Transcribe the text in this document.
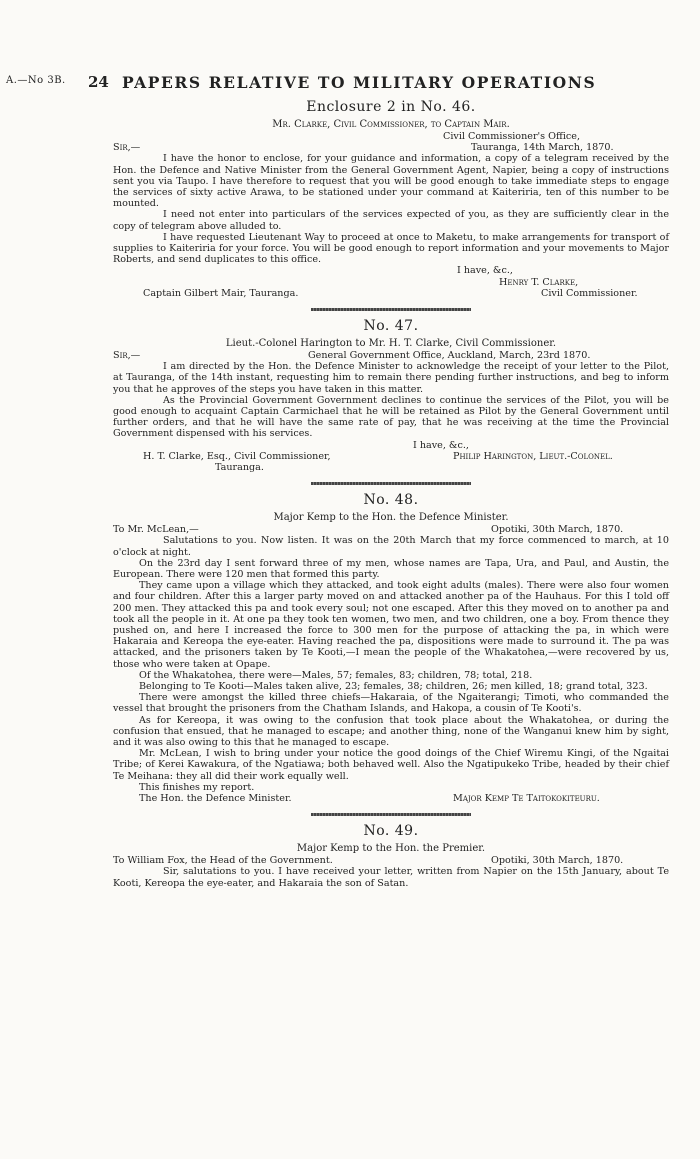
A.—No 3B. 24 PAPERS RELATIVE TO MILITARY OPERATIONS
Enclosure 2 in No. 46.
Mr. Clarke, Civil Commissioner, to Captain Mair.
Civil Commissioner's Office,
Sir,—	Tauranga, 14th March, 1870.

I have the honor to enclose, for your guidance and information, a copy of a telegram received by the Hon. the Defence and Native Minister from the General Government Agent, Napier, being a copy of instructions sent you via Taupo. I have therefore to request that you will be good enough to take immediate steps to engage the services of sixty active Arawa, to be stationed under your command at Kaiteriria, ten of this number to be mounted.

I need not enter into particulars of the services expected of you, as they are sufficiently clear in the copy of telegram above alluded to.

I have requested Lieutenant Way to proceed at once to Maketu, to make arrangements for transport of supplies to Kaiteriria for your force. You will be good enough to report information and your movements to Major Roberts, and send duplicates to this office.

I have, &c.,
Henry T. Clarke,
Captain Gilbert Mair, Tauranga.	Civil Commissioner.
No. 47.
Lieut.-Colonel Harington to Mr. H. T. Clarke, Civil Commissioner.
Sir,—	General Government Office, Auckland, March, 23rd 1870.

I am directed by the Hon. the Defence Minister to acknowledge the receipt of your letter to the Pilot, at Tauranga, of the 14th instant, requesting him to remain there pending further instructions, and beg to inform you that he approves of the steps you have taken in this matter.

As the Provincial Government Government declines to continue the services of the Pilot, you will be good enough to acquaint Captain Carmichael that he will be retained as Pilot by the General Government until further orders, and that he will have the same rate of pay, that he was receiving at the time the Provincial Government dispensed with his services.

I have, &c.,
H. T. Clarke, Esq., Civil Commissioner,	Philip Harington, Lieut.-Colonel.
Tauranga.
No. 48.
Major Kemp to the Hon. the Defence Minister.
To Mr. McLean,—	Opotiki, 30th March, 1870.

Salutations to you. Now listen. It was on the 20th March that my force commenced to march, at 10 o'clock at night.

On the 23rd day I sent forward three of my men, whose names are Tapa, Ura, and Paul, and Austin, the European. There were 120 men that formed this party.

They came upon a village which they attacked, and took eight adults (males). There were also four women and four children. After this a larger party moved on and attacked another pa of the Hauhaus. For this I told off 200 men. They attacked this pa and took every soul; not one escaped. After this they moved on to another pa and took all the people in it. At one pa they took ten women, two men, and two children, one a boy. From thence they pushed on, and here I increased the force to 300 men for the purpose of attacking the pa, in which were Hakaraia and Kereopa the eye-eater. Having reached the pa, dispositions were made to surround it. The pa was attacked, and the prisoners taken by Te Kooti,—I mean the people of the Whakatohea,—were recovered by us, those who were taken at Opape.

Of the Whakatohea, there were—Males, 57; females, 83; children, 78; total, 218.

Belonging to Te Kooti—Males taken alive, 23; females, 38; children, 26; men killed, 18; grand total, 323.

There were amongst the killed three chiefs—Hakaraia, of the Ngaiterangi; Timoti, who commanded the vessel that brought the prisoners from the Chatham Islands, and Hakopa, a cousin of Te Kooti's.

As for Kereopa, it was owing to the confusion that took place about the Whakatohea, or during the confusion that ensued, that he managed to escape; and another thing, none of the Wanganui knew him by sight, and it was also owing to this that he managed to escape.

Mr. McLean, I wish to bring under your notice the good doings of the Chief Wiremu Kingi, of the Ngaitai Tribe; of Kerei Kawakura, of the Ngatiawa; both behaved well. Also the Ngatipukeko Tribe, headed by their chief Te Meihana: they all did their work equally well.

This finishes my report.

The Hon. the Defence Minister.	Major Kemp Te Taitokokiteuru.
No. 49.
Major Kemp to the Hon. the Premier.
To William Fox, the Head of the Government.	Opotiki, 30th March, 1870.

Sir, salutations to you. I have received your letter, written from Napier on the 15th January, about Te Kooti, Kereopa the eye-eater, and Hakaraia the son of Satan.
